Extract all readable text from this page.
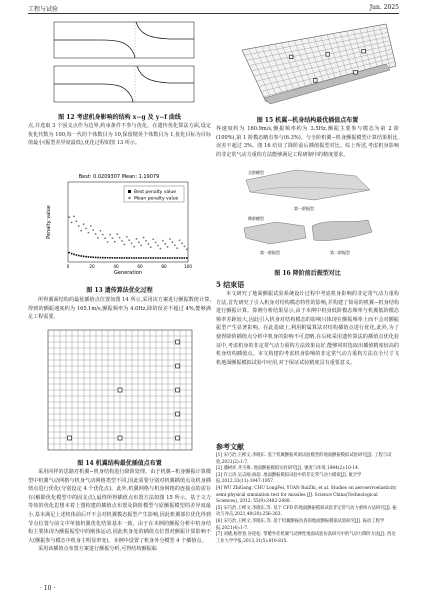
工程与试验	Jun. 2025
图 12 考虑机身影响的结构 x−g 及 y−f 曲线

点,并选取 3 个固支点作为边界,约束条件不参与优化。在遗传优化算法方面,设定优化代数为 100,每一代的个体数目为 10,保留精英个体数目为 1,优化目标为目标值最小(振型差异度最低),优化过程如图 13 所示。

Best: 0.0209307 Mean: 1.19079
Best penalty value
Mean penalty value
Generation
Penalty value
0	20	40	60	80	100
图 13 遗传算法优化过程

所得翼面结构的最优插值点位置如图 14 所示,采用该方案进行颤振数值计算,得到的颤振速度约为 165.1m/s,颤振频率为 4.0Hz,降阶误差不超过 4%,能够满足工程需要。

图 14 机翼结构最优插值点布置

采用同样的思路对机翼−机身结构进行降阶处理。由于机翼−机身颤振计算模型中机翼气动网格与机身气动网格类型不同,因此需要分别对机翼插值点及机身插值点进行优化(分别设定 4 个优化点)。此外,机翼网格与机身网格的连接点的需存在(解除优化模型中的固支点),最终所得插值点布置方法如图 15 所示。基于文力等效的优化思想本着上图构建的插值点布置及降阶模型与原颤振模型的差异度最小,基本满足上述机体前后开不会对机翼模态振型产生影响,因此机翼部位优化得到节点位置与前文中单独机翼优化结果基本一致。由于在本例的颤振分析中机身结构主要体现为颤振振型中的刚体运动,因此机身处的插值点位置对颤振计算影响不大(颤振参与模态中机身主明显形变)。本例中设置了机身外分模型 4 个插值点。

采用该插值点布置方案进行颤振分析,可得结构颤振临

· 10 ·
图 15 机翼−机身结构最优插值点布置

界速度约为 160.9m/s,颤振频率约为 3.5Hz,颤振主要参与模态为第 2 阶(100%),第 1 阶模态略有参与(6.3%)。与全阶机翼−机身颤振模型计算结果相比,误差不超过 3%。图 16 给出了降阶前后插值振型对比。综上所述,考虑机身影响的非定常气动力重构方法能够满足工程研制中的精度要求。

全阶模型
第一阶振型
降阶模型
第一阶振型	第二阶振型
图 16 降阶前后振型对比
5 结束语

本文研究了地面颤振试验系统设计过程中考虑机身影响的非定常气动力重构方法,首先研究了引入机身对结构模态特性的影响,并构建了简易的机翼−机身结构进行颤振计算。算例分析结果显示,由于本例中机身低阶模态频率与机翼低阶模态频率差距较大,因此引入机身对结构模态的影响只体现在颤振频率上而不会对颤振振型产生显著影响。在此基础上,利用附属算法对结构插值点进行优化,此外,为了使得降阶插值点分析中机身的影响不可忽略,在后续采用遗传算法的插值点优化验证中,考虑机身的非定常气动力重构方法效果良好,能够同时选取出插值精度较高的机身结构插值点。本文构建的考虑机身影响的非定常气动力重构方法在全尺寸飞机地面颤振模拟试验中应用,对于保证试验精度具有重要意义。

参考文献
[1] 宋巧治,王彬文,李晓东. 基于机翼颤振风洞试验模型的地面颤振模拟试验研究[J]. 工程与试验,2021(2):1-7.
[2] 潘树祥,齐丕骞. 地面颤振模拟实验研究[J]. 强度与环境,1984(2):10-14.
[3] 许云涛,吴志刚,杨超. 地面颤振模拟试验中的非定常气动力模拟[J]. 航空学报,2012,33(11):1947-1957.
[4] WU ZhiGang, CHU LongFei, YUAN RuiZhi, et al. Studies on aeroservoelasticity semi-physical simulation test for missiles [J]. Science China(Technological Sciences), 2012, 55(9):2482-2488.
[5] 宋巧治,王彬文,李晓东,等. 基于 CFD 的地面颤振模拟试验非定常气动力重构方法研究[J]. 振动与冲击,2021,40(20):256-263.
[6] 宋巧治,王彬文,李晓东,等. 基于机翼颤振仿真的地面颤振模拟试验研究[J]. 振动工程学报,2021(4):1-7.
[7] 刘晓,杨智春,谷迎松. 带舱外挂机翼气动弹性地面试验仿真研究中的气动力降阶方法[J]. 西北工业大学学报,2013,31(5):810-815.
